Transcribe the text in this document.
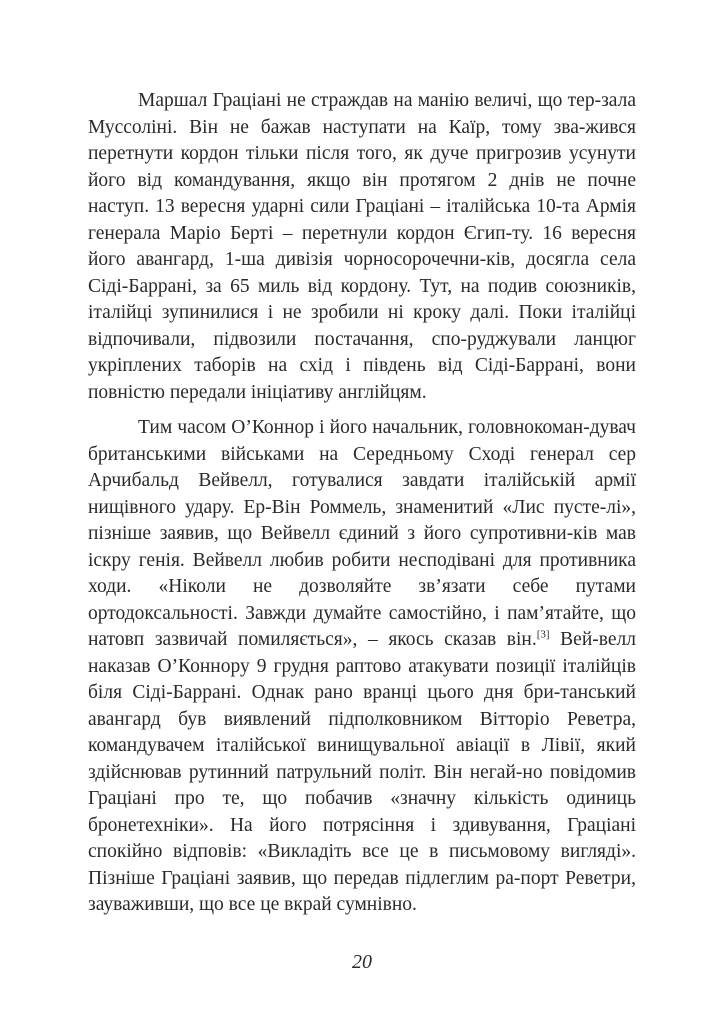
Маршал Граціані не страждав на манію величі, що тер-зала Муссоліні. Він не бажав наступати на Каїр, тому зва-жився перетнути кордон тільки після того, як дуче пригрозив усунути його від командування, якщо він протягом 2 днів не почне наступ. 13 вересня ударні сили Граціані – італійська 10-та Армія генерала Маріо Берті – перетнули кордон Єгип-ту. 16 вересня його авангард, 1-ша дивізія чорносорочечни-ків, досягла села Сіді-Баррані, за 65 миль від кордону. Тут, на подив союзників, італійці зупинилися і не зробили ні кроку далі. Поки італійці відпочивали, підвозили постачання, спо-руджували ланцюг укріплених таборів на схід і південь від Сіді-Баррані, вони повністю передали ініціативу англійцям.

Тим часом О’Коннор і його начальник, головнокоман-дувач британськими військами на Середньому Сході генерал сер Арчибальд Вейвелл, готувалися завдати італійській армії нищівного удару. Ер-Він Роммель, знаменитий «Лис пусте-лі», пізніше заявив, що Вейвелл єдиний з його супротивни-ків мав іскру генія. Вейвелл любив робити несподівані для противника ходи. «Ніколи не дозволяйте зв’язати себе путами ортодоксальності. Завжди думайте самостійно, і пам’ятайте, що натовп зазвичай помиляється», – якось сказав він.[3] Вей-велл наказав О’Коннору 9 грудня раптово атакувати позиції італійців біля Сіді-Баррані. Однак рано вранці цього дня бри-танський авангард був виявлений підполковником Вітторіо Реветра, командувачем італійської винищувальної авіації в Лівії, який здійснював рутинний патрульний політ. Він негай-но повідомив Граціані про те, що побачив «значну кількість одиниць бронетехніки». На його потрясіння і здивування, Граціані спокійно відповів: «Викладіть все це в письмовому вигляді». Пізніше Граціані заявив, що передав підлеглим ра-порт Реветри, зауваживши, що все це вкрай сумнівно.

20
